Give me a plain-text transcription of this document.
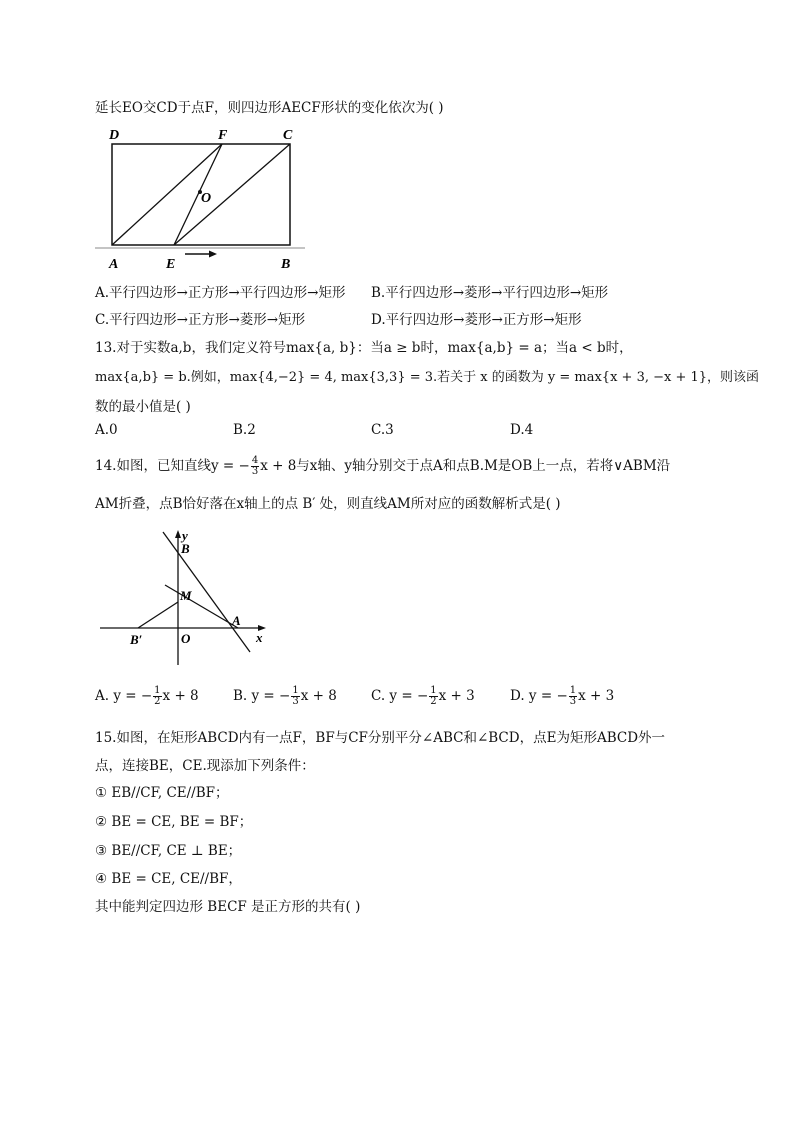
延长EO交CD于点F，则四边形AECF形状的变化依次为( )
D	F	C
O
A	E	B
A.平行四边形→正方形→平行四边形→矩形 B.平行四边形→菱形→平行四边形→矩形
C.平行四边形→正方形→菱形→矩形	D.平行四边形→菱形→正方形→矩形
13.对于实数a,b，我们定义符号max{a, b}：当a ≥ b时，max{a,b} = a；当a < b时，
max{a,b} = b.例如，max{4,−2} = 4, max{3,3} = 3.若关于 x 的函数为 y = max{x + 3, −x + 1}，则该函
数的最小值是( )
A.0	B.2	C.3	D.4
14.如图，已知直线y = − $\frac{4}{3}$ x + 8与x轴、y轴分别交于点A和点B.M是OB上一点，若将∨ABM沿
AM折叠，点B恰好落在x轴上的点 B′ 处，则直线AM所对应的函数解析式是( )
y
B
M
B′	O
A
x
A. y = − $\frac{1}{2}$ x + 8	B. y = − $\frac{1}{3}$ x + 8	C. y = − $\frac{1}{2}$ x + 3	D. y = − $\frac{1}{3}$ x + 3
15.如图，在矩形ABCD内有一点F，BF与CF分别平分∠ABC和∠BCD，点E为矩形ABCD外一
点，连接BE，CE.现添加下列条件：
① EB//CF, CE//BF；
② BE = CE, BE = BF；
③ BE//CF, CE ⊥ BE；
④ BE = CE, CE//BF，
其中能判定四边形 BECF 是正方形的共有( )
